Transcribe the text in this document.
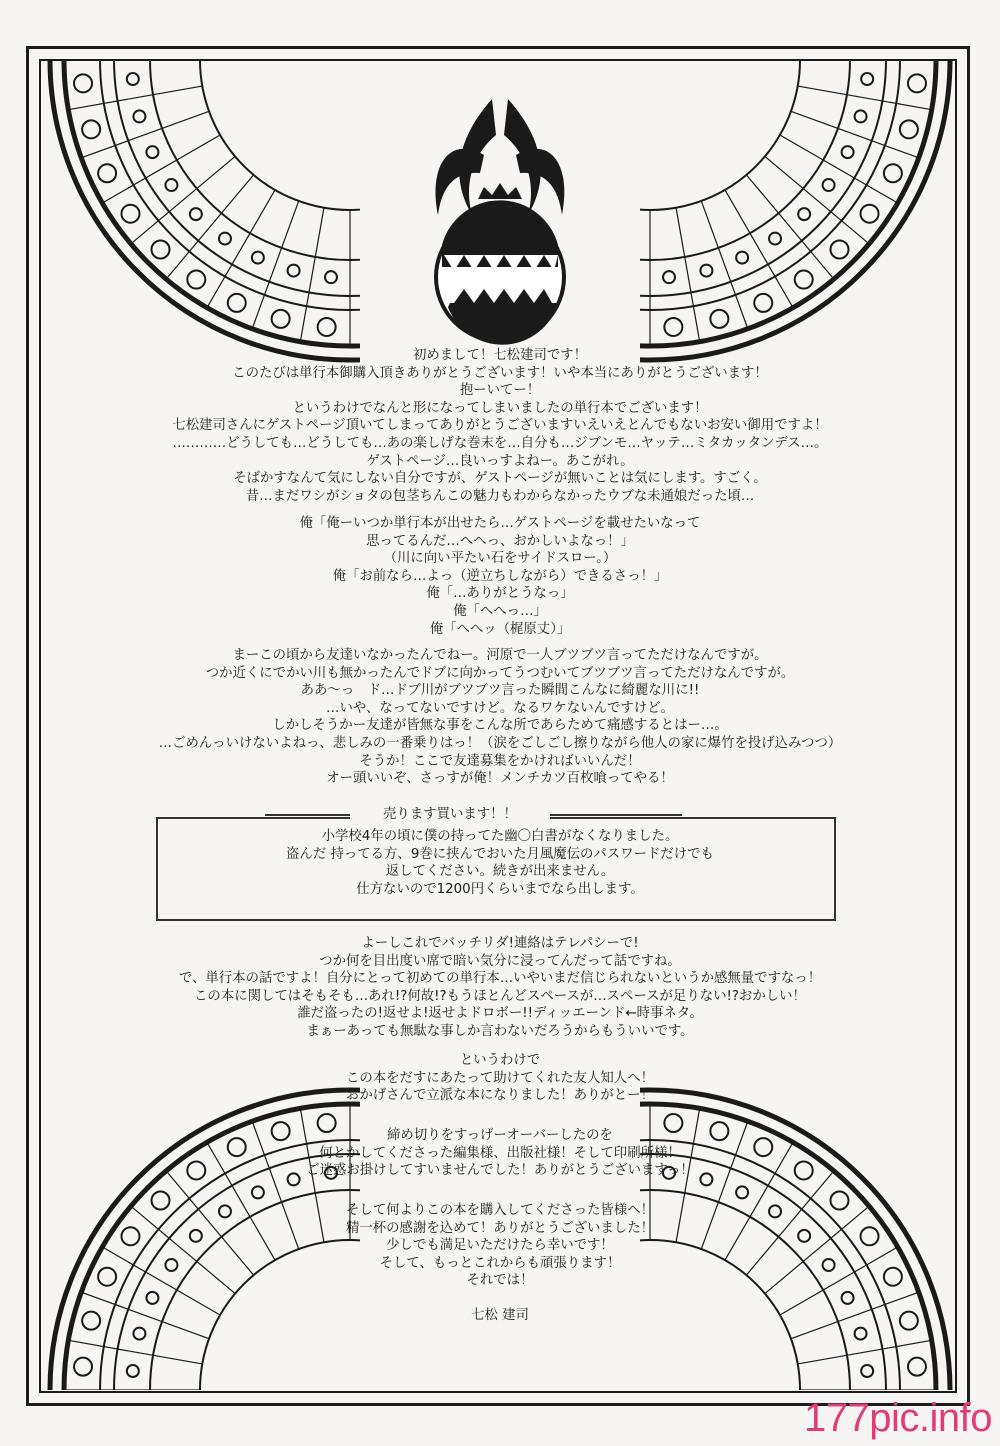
初めまして！七松建司です！
このたびは単行本御購入頂きありがとうございます！いや本当にありがとうございます！
抱ーいてー！
というわけでなんと形になってしまいましたの単行本でございます！
七松建司さんにゲストページ頂いてしまってありがとうございますいえいえとんでもないお安い御用ですよ！
…………どうしても…どうしても…あの楽しげな巻末を…自分も…ジブンモ…ヤッテ…ミタカッタンデス…。
ゲストページ…良いっすよねー。あこがれ。
そばかすなんて気にしない自分ですが、ゲストページが無いことは気にします。すごく。
昔…まだワシがショタの包茎ちんこの魅力もわからなかったウブな未通娘だった頃…
俺「俺ーいつか単行本が出せたら…ゲストページを載せたいなって
思ってるんだ…へへっ、おかしいよなっ！」
（川に向い平たい石をサイドスロー。）
俺「お前なら…よっ（逆立ちしながら）できるさっ！」
俺「…ありがとうなっ」
俺「へへっ…」
俺「へへッ（梶原丈）」
まーこの頃から友達いなかったんでねー。河原で一人ブツブツ言ってただけなんですが。
つか近くにでかい川も無かったんでドブに向かってうつむいてブツブツ言ってただけなんですが。
ああ～っ　ド…ドブ川がブツブツ言った瞬間こんなに綺麗な川に!!
…いや、なってないですけど。なるワケないんですけど。
しかしそうかー友達が皆無な事をこんな所であらためて痛感するとはー…。
…ごめんっいけないよねっ、悲しみの一番乗りはっ！（涙をごしごし擦りながら他人の家に爆竹を投げ込みつつ）
そうか！ここで友達募集をかければいいんだ！
オー頭いいぞ、さっすが俺！メンチカツ百枚喰ってやる！
売ります買います！！
小学校4年の頃に僕の持ってた幽〇白書がなくなりました。
盗んだ 持ってる方、9巻に挟んでおいた月風魔伝のパスワードだけでも
返してください。続きが出来ません。
仕方ないので1200円くらいまでなら出します。
よーしこれでバッチリダ!連絡はテレパシーで!
つか何を目出度い席で暗い気分に浸ってんだって話ですね。
で、単行本の話ですよ！自分にとって初めての単行本…いやいまだ信じられないというか感無量ですなっ！
この本に関してはそもそも…あれ!?何故!?もうほとんどスペースが…スペースが足りない!?おかしい！
誰だ盗ったの!返せよ!返せよドロボー!!ディッエーンド←時事ネタ。
まぁーあっても無駄な事しか言わないだろうからもういいです。
というわけで
この本をだすにあたって助けてくれた友人知人へ！
おかげさんで立派な本になりました！ありがとー！
締め切りをすっげーオーバーしたのを
何とかしてくださった編集様、出版社様！そして印刷所様！
ご迷惑お掛けしてすいませんでした！ありがとうございますっ！
そして何よりこの本を購入してくださった皆様へ！
精一杯の感謝を込めて！ありがとうございました！
少しでも満足いただけたら幸いです！
そして、もっとこれからも頑張ります！
それでは！
七松 建司
177pic.info
